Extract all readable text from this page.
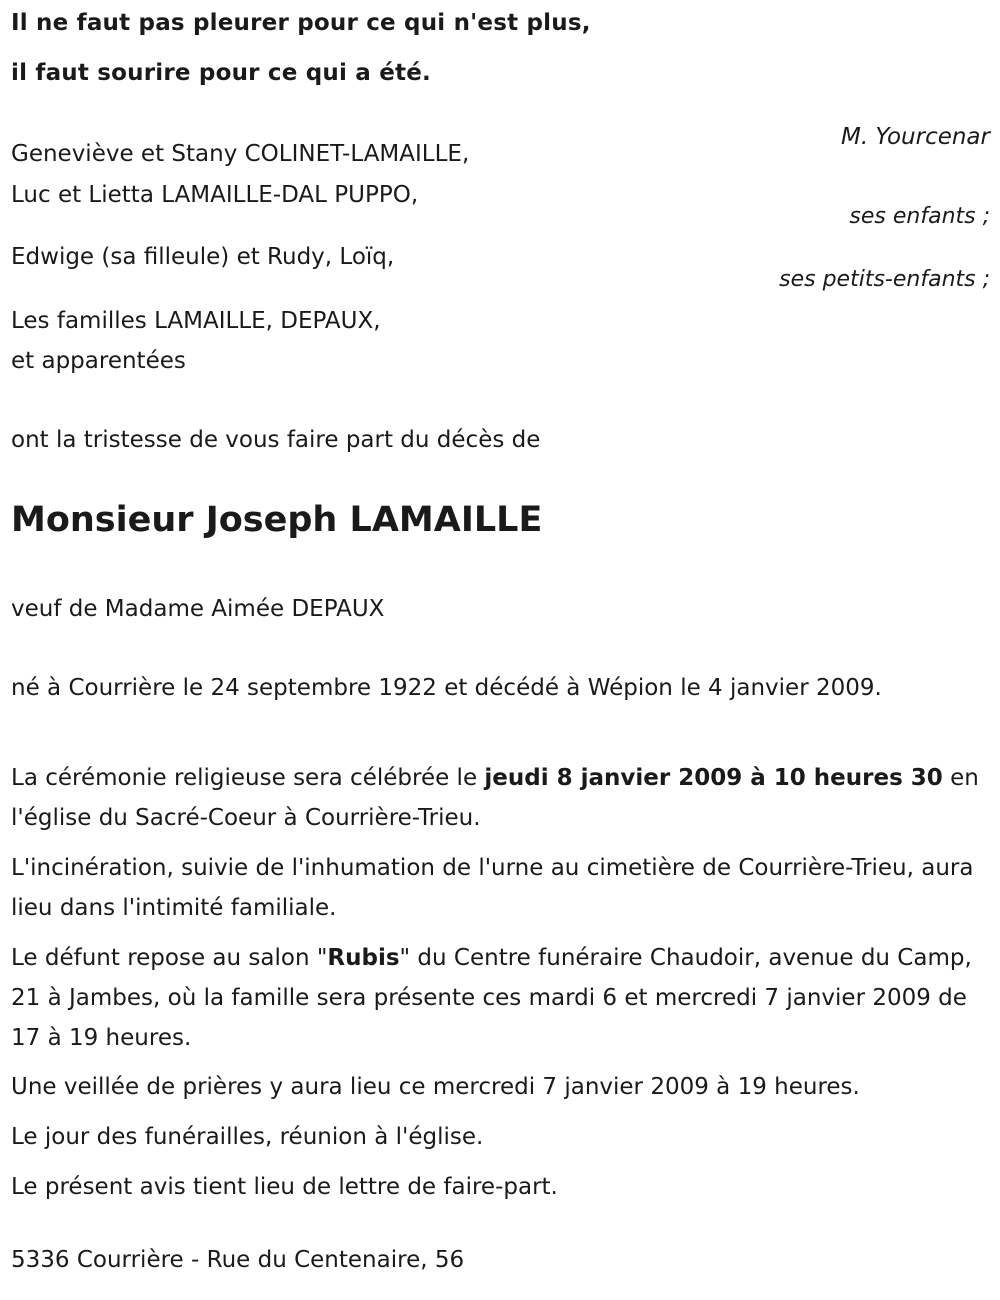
Il ne faut pas pleurer pour ce qui n'est plus,
il faut sourire pour ce qui a été.
M. Yourcenar
Geneviève et Stany COLINET-LAMAILLE,
Luc et Lietta LAMAILLE-DAL PUPPO,
ses enfants ;
Edwige (sa filleule) et Rudy, Loïq,
ses petits-enfants ;
Les familles LAMAILLE, DEPAUX,
et apparentées
ont la tristesse de vous faire part du décès de
Monsieur Joseph LAMAILLE
veuf de Madame Aimée DEPAUX
né à Courrière le 24 septembre 1922 et décédé à Wépion le 4 janvier 2009.
La cérémonie religieuse sera célébrée le jeudi 8 janvier 2009 à 10 heures 30 en l'église du Sacré-Coeur à Courrière-Trieu.
L'incinération, suivie de l'inhumation de l'urne au cimetière de Courrière-Trieu, aura lieu dans l'intimité familiale.
Le défunt repose au salon "Rubis" du Centre funéraire Chaudoir, avenue du Camp, 21 à Jambes, où la famille sera présente ces mardi 6 et mercredi 7 janvier 2009 de 17 à 19 heures.
Une veillée de prières y aura lieu ce mercredi 7 janvier 2009 à 19 heures.
Le jour des funérailles, réunion à l'église.
Le présent avis tient lieu de lettre de faire-part.
5336 Courrière - Rue du Centenaire, 56
